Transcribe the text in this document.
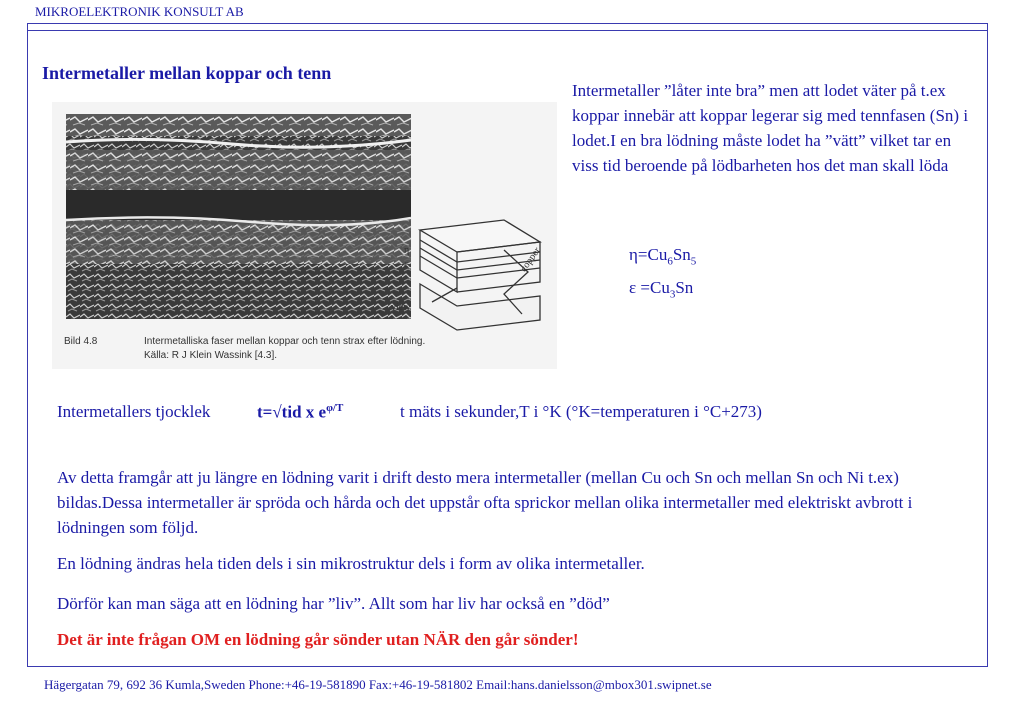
MIKROELEKTRONIK KONSULT AB
Intermetaller mellan koppar och tenn
Intermetaller ”låter inte bra” men att lodet väter på t.ex koppar innebär att koppar legerar sig med tennfasen (Sn) i lodet.I en bra lödning måste lodet ha ”vätt” vilket tar en viss tid beroende på lödbarheten hos det man skall löda
$\eta=Cu_6Sn_5$
$\varepsilon =Cu_3Sn$
η
ε	copper
view
Bild 4.8	Intermetalliska faser mellan koppar och tenn strax efter lödning.
Källa: R J Klein Wassink [4.3].
Intermetallers tjocklek	t=√tid x $e^{\varphi/T}$	t mäts i sekunder,T i °K (°K=temperaturen i °C+273)

Av detta framgår att ju längre en lödning varit i drift desto mera intermetaller (mellan Cu och Sn och mellan Sn och Ni t.ex) bildas.Dessa intermetaller är spröda och hårda och det uppstår ofta sprickor mellan olika intermetaller med elektriskt avbrott i lödningen som följd.

En lödning ändras hela tiden dels i sin mikrostruktur dels i form av olika intermetaller.

Dörför kan man säga att en lödning har ”liv”. Allt som har liv har också en ”död”

Det är inte frågan OM en lödning går sönder utan NÄR den går sönder!

Hägergatan 79, 692 36 Kumla,Sweden Phone:+46-19-581890 Fax:+46-19-581802 Email:hans.danielsson@mbox301.swipnet.se
